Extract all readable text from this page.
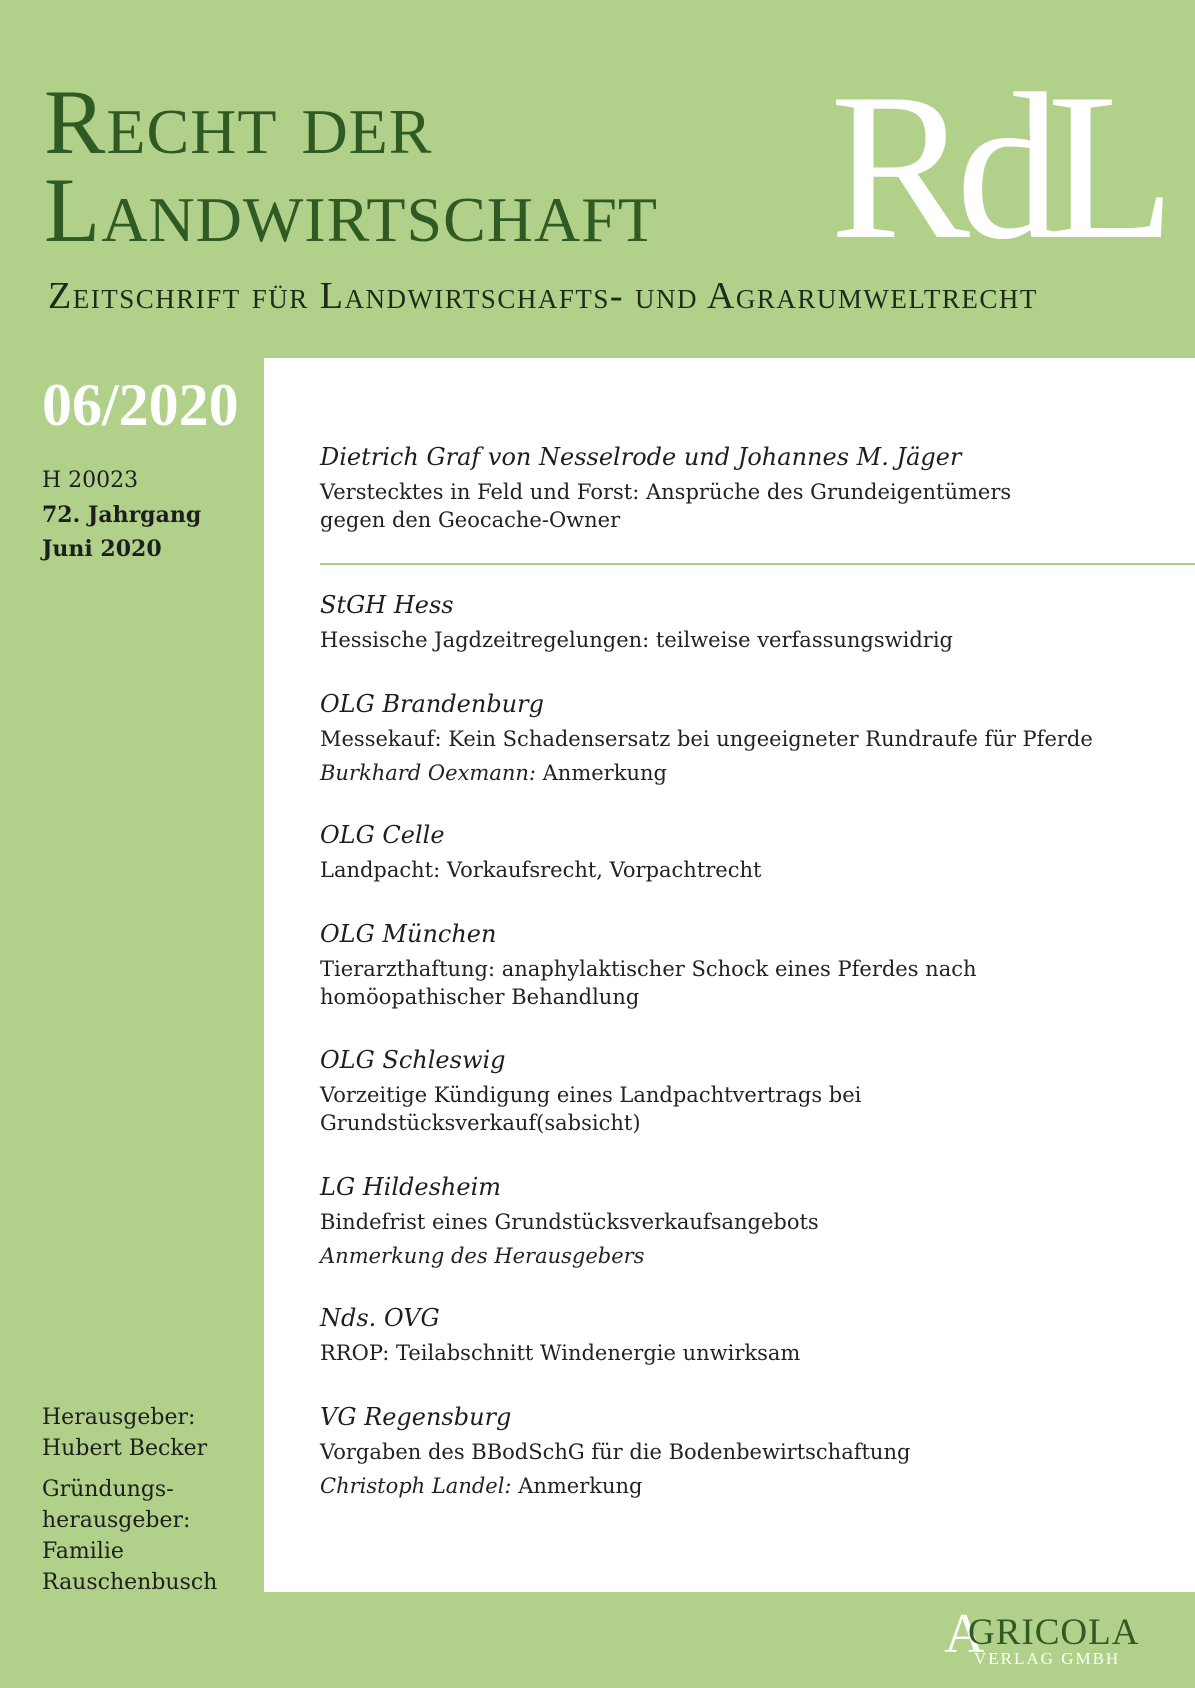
Recht der
Landwirtschaft RdL
Zeitschrift für Landwirtschafts- und Agrarumweltrecht
06/2020
H 20023
72. Jahrgang
Juni 2020
Herausgeber:
Hubert Becker
Gründungs-
herausgeber:
Familie
Rauschenbusch
Dietrich Graf von Nesselrode und Johannes M. Jäger
Verstecktes in Feld und Forst: Ansprüche des Grundeigentümers
gegen den Geocache-Owner
StGH Hess
Hessische Jagdzeitregelungen: teilweise verfassungswidrig
OLG Brandenburg
Messekauf: Kein Schadensersatz bei ungeeigneter Rundraufe für Pferde
Burkhard Oexmann: Anmerkung
OLG Celle
Landpacht: Vorkaufsrecht, Vorpachtrecht
OLG München
Tierarzthaftung: anaphylaktischer Schock eines Pferdes nach
homöopathischer Behandlung
OLG Schleswig
Vorzeitige Kündigung eines Landpachtvertrags bei
Grundstücksverkauf(sabsicht)
LG Hildesheim
Bindefrist eines Grundstücksverkaufsangebots
Anmerkung des Herausgebers
Nds. OVG
RROP: Teilabschnitt Windenergie unwirksam
VG Regensburg
Vorgaben des BBodSchG für die Bodenbewirtschaftung
Christoph Landel: Anmerkung
A
GRICOLA
VERLAG GMBH
